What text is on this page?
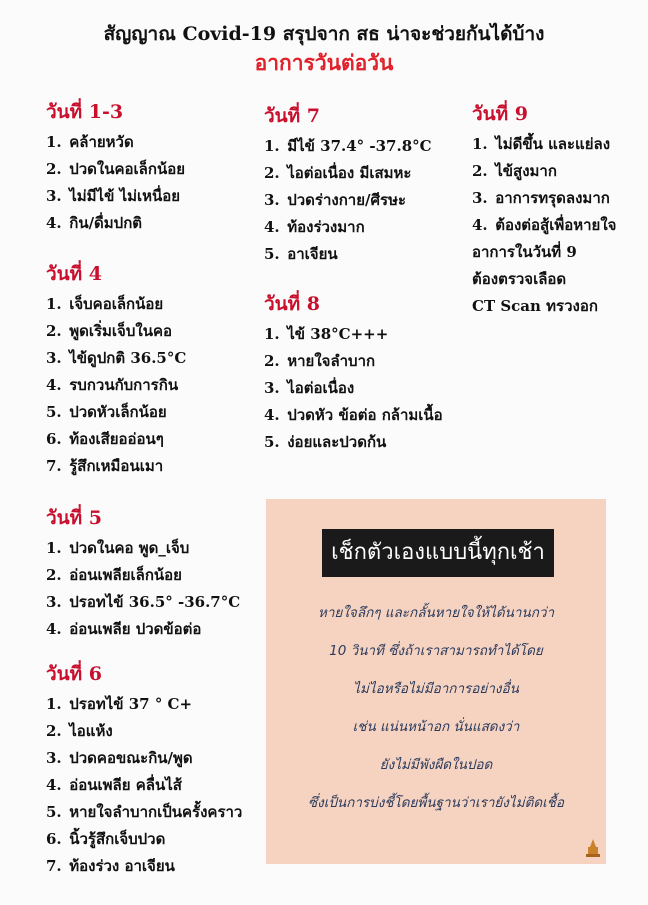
สัญญาณ Covid-19 สรุปจาก สธ น่าจะช่วยกันได้บ้าง
อาการวันต่อวัน
วันที่ 1-3
1. คล้ายหวัด
2. ปวดในคอเล็กน้อย
3. ไม่มีไข้ ไม่เหนื่อย
4. กิน/ดื่มปกติ
วันที่ 4
1. เจ็บคอเล็กน้อย
2. พูดเริ่มเจ็บในคอ
3. ไข้ดูปกติ 36.5°C
4. รบกวนกับการกิน
5. ปวดหัวเล็กน้อย
6. ท้องเสียออ่อนๆ
7. รู้สึกเหมือนเมา
วันที่ 5
1. ปวดในคอ พูด_เจ็บ
2. อ่อนเพลียเล็กน้อย
3. ปรอทไข้ 36.5° -36.7°C
4. อ่อนเพลีย ปวดข้อต่อ
วันที่ 6
1. ปรอทไข้ 37 ° C+
2. ไอแห้ง
3. ปวดคอขณะกิน/พูด
4. อ่อนเพลีย คลื่นไส้
5. หายใจลำบากเป็นครั้งคราว
6. นิ้วรู้สึกเจ็บปวด
7. ท้องร่วง อาเจียน
วันที่ 7
1. มีไข้ 37.4° -37.8°C
2. ไอต่อเนื่อง มีเสมหะ
3. ปวดร่างกาย/ศีรษะ
4. ท้องร่วงมาก
5. อาเจียน
วันที่ 8
1. ไข้ 38°C+++
2. หายใจลำบาก
3. ไอต่อเนื่อง
4. ปวดหัว ข้อต่อ กล้ามเนื้อ
5. ง่อยและปวดก้น
วันที่ 9
1. ไม่ดีขึ้น และแย่ลง
2. ไข้สูงมาก
3. อาการทรุดลงมาก
4. ต้องต่อสู้เพื่อหายใจ
อาการในวันที่ 9
ต้องตรวจเลือด
CT Scan ทรวงอก
เช็กตัวเองแบบนี้ทุกเช้า
หายใจลึกๆ และกลั้นหายใจให้ได้นานกว่า
10 วินาที ซึ่งถ้าเราสามารถทำได้โดย
ไม่ไอหรือไม่มีอาการอย่างอื่น
เช่น แน่นหน้าอก นั่นแสดงว่า
ยังไม่มีพังผืดในปอด
ซึ่งเป็นการบ่งชี้โดยพื้นฐานว่าเรายังไม่ติดเชื้อ
